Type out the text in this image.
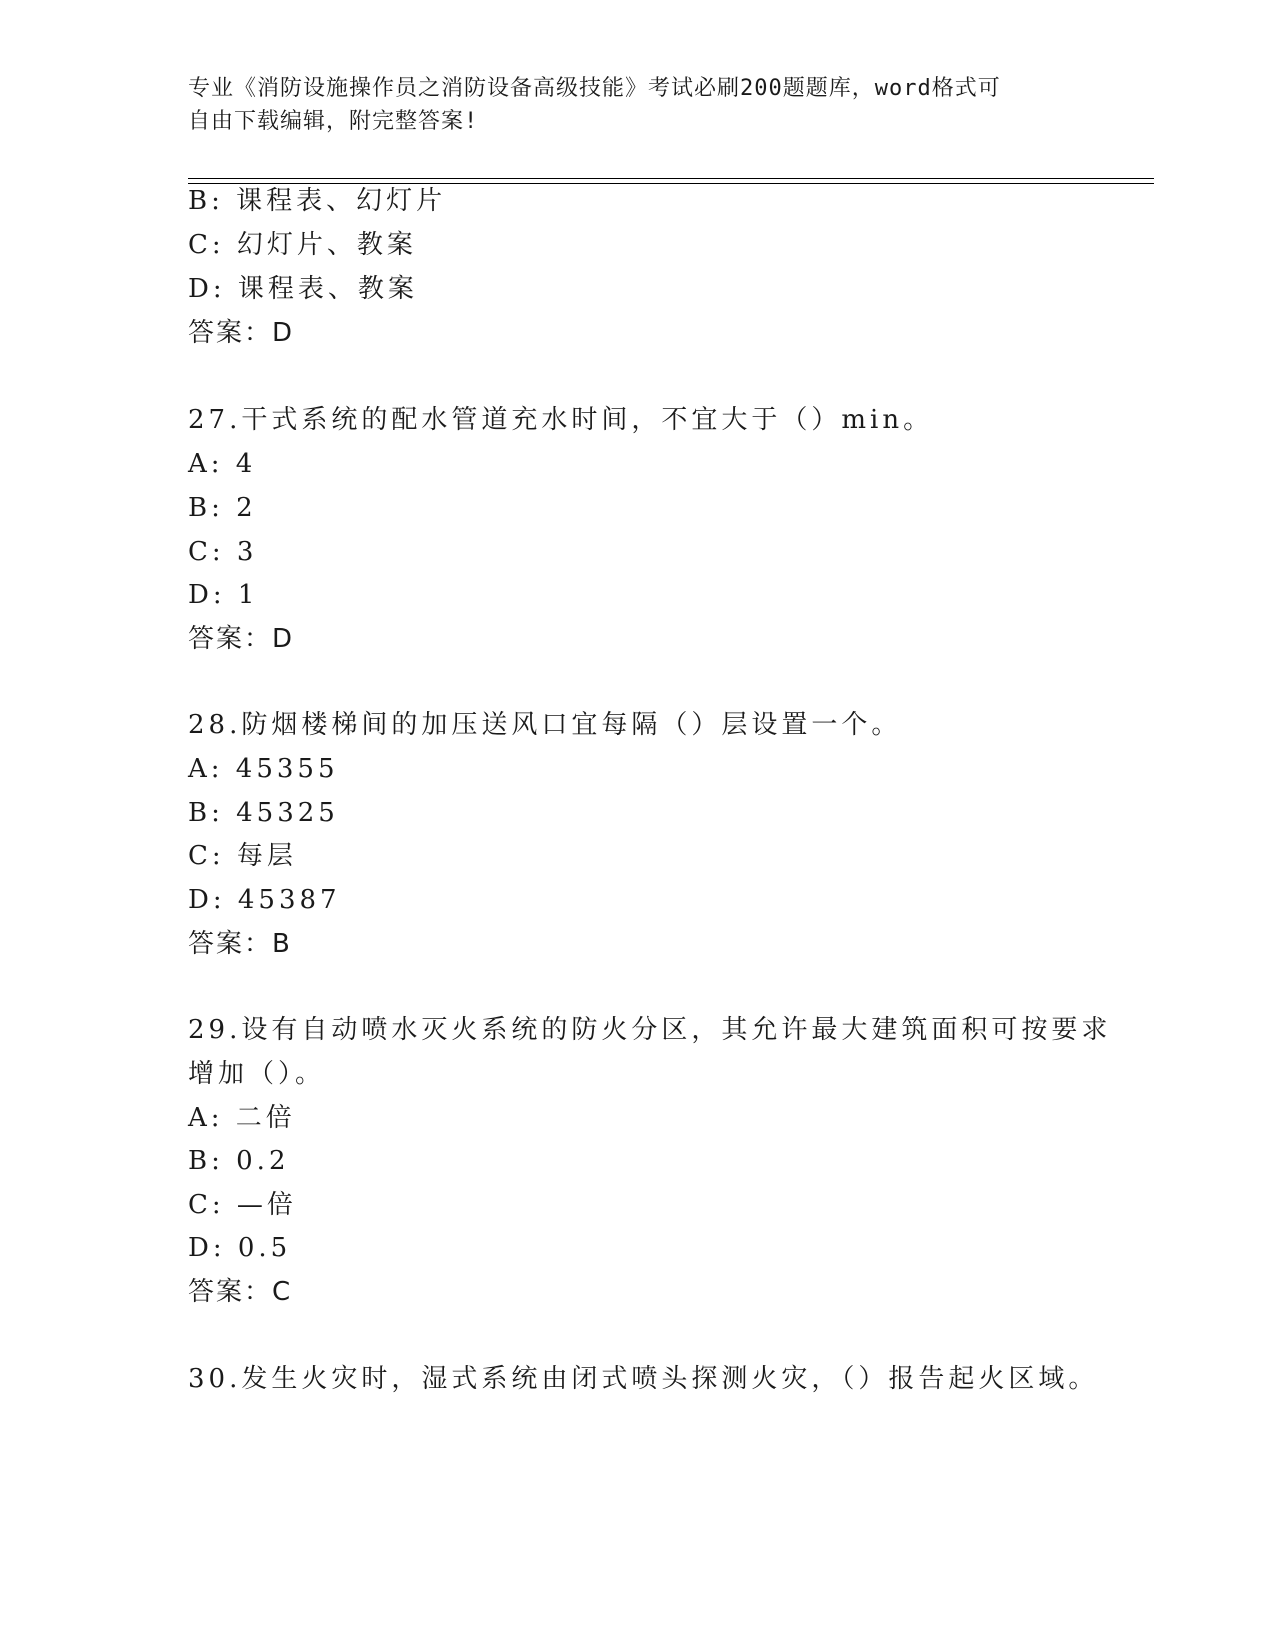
专业《消防设施操作员之消防设备高级技能》考试必刷200题题库，word格式可
自由下载编辑，附完整答案!
B: 课程表、幻灯片
C: 幻灯片、教案
D: 课程表、教案
答案：D
27.干式系统的配水管道充水时间，不宜大于（）min。
A: 4
B: 2
C: 3
D: 1
答案：D
28.防烟楼梯间的加压送风口宜每隔（）层设置一个。
A: 45355
B: 45325
C: 每层
D: 45387
答案：B
29.设有自动喷水灭火系统的防火分区，其允许最大建筑面积可按要求
增加（）。
A: 二倍
B: 0.2
C: —倍
D: 0.5
答案：C
30.发生火灾时，湿式系统由闭式喷头探测火灾，（）报告起火区域。
